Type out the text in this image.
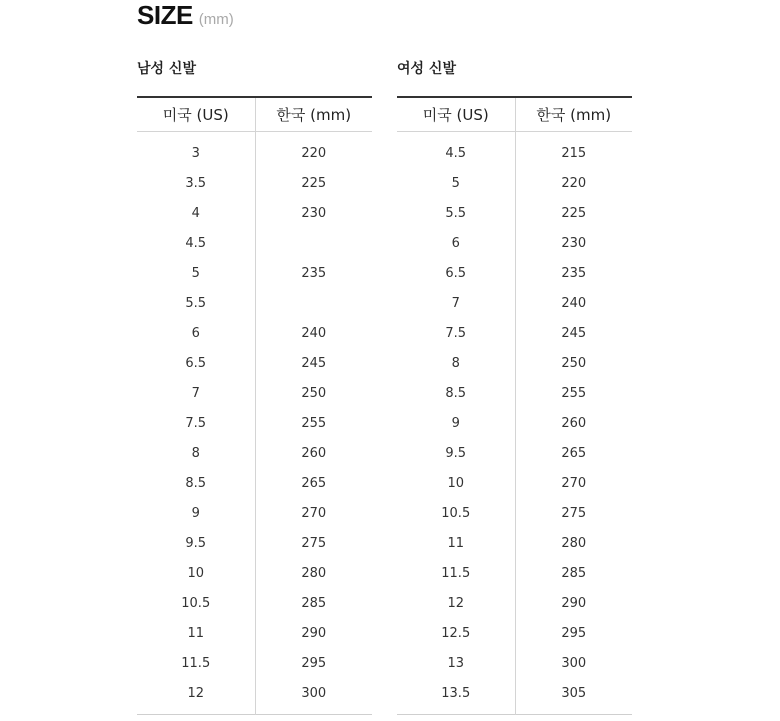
SIZE (mm)
남성 신발
미국 (US)	한국 (mm)
3	220
3.5	225
4	230
4.5	
5	235
5.5	
6	240
6.5	245
7	250
7.5	255
8	260
8.5	265
9	270
9.5	275
10	280
10.5	285
11	290
11.5	295
12	300
여성 신발
미국 (US)	한국 (mm)
4.5	215
5	220
5.5	225
6	230
6.5	235
7	240
7.5	245
8	250
8.5	255
9	260
9.5	265
10	270
10.5	275
11	280
11.5	285
12	290
12.5	295
13	300
13.5	305
